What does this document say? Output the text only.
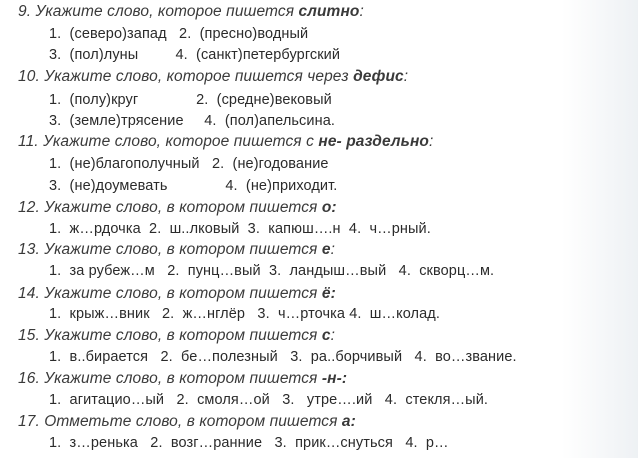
9. Укажите слово, которое пишется слитно:
1.  (северо)запад   2.  (пресно)водный
3.  (пол)луны         4.  (санкт)петербургский
10. Укажите слово, которое пишется через дефис:
1.  (полу)круг              2.  (средне)вековый
3.  (земле)трясение     4.  (пол)апельсина.
11. Укажите слово, которое пишется с не- раздельно:
1.  (не)благополучный   2.  (не)годование
3.  (не)доумевать              4.  (не)приходит.
12. Укажите слово, в котором пишется о:
1.  ж…рдочка  2.  ш..лковый  3.  капюш….н  4.  ч…рный.
13. Укажите слово, в котором пишется е:
1.  за рубеж…м   2.  пунц…вый  3.  ландыш…вый   4.  скворц…м.
14. Укажите слово, в котором пишется ё:
1.  крыж…вник   2.  ж…нглёр   3.  ч…рточка 4.  ш…колад.
15. Укажите слово, в котором пишется с:
1.  в..бирается   2.  бе…полезный   3.  ра..борчивый   4.  во…звание.
16. Укажите слово, в котором пишется -н-:
1.  агитацио…ый   2.  смоля…ой   3.   утре….ий   4.  стекля…ый.
17. Отметьте слово, в котором пишется а:
1.  з…ренька   2.  возг…ранние   3.  прик…снуться   4.  р…
